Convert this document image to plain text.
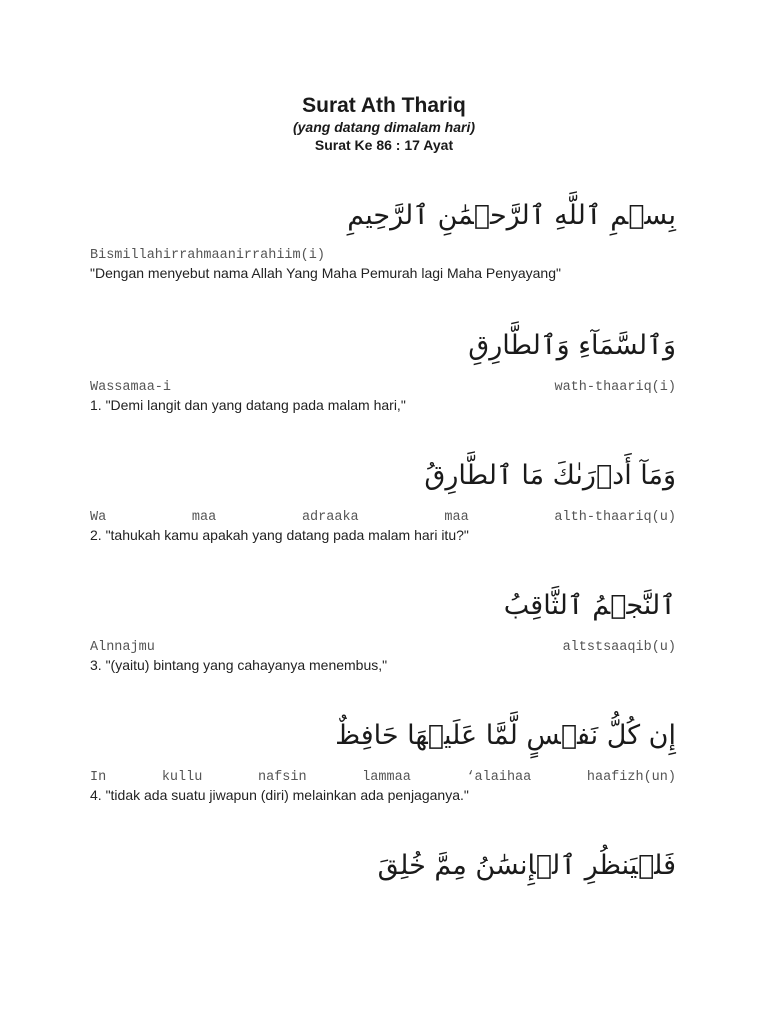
Surat Ath Thariq
(yang datang dimalam hari)
Surat Ke 86 : 17 Ayat
بِسۡمِ ٱللَّهِ ٱلرَّحۡمَٰنِ ٱلرَّحِيمِ
Bismillahirrahmaanirrahiim(i)
"Dengan menyebut nama Allah Yang Maha Pemurah lagi Maha Penyayang"
وَٱلسَّمَآءِ وَٱلطَّارِقِ
Wassamaa-i	wath-thaariq(i)
1. "Demi langit dan yang datang pada malam hari,"
وَمَآ أَدۡرَىٰكَ مَا ٱلطَّارِقُ
Wa	maa	adraaka	maa	alth-thaariq(u)
2. "tahukah kamu apakah yang datang pada malam hari itu?"
ٱلنَّجۡمُ ٱلثَّاقِبُ
Alnnajmu	altstsaaqib(u)
3. "(yaitu) bintang yang cahayanya menembus,"
إِن كُلُّ نَفۡسٍ لَّمَّا عَلَيۡهَا حَافِظٌ
In	kullu	nafsin	lammaa	‘alaihaa	haafizh(un)
4. "tidak ada suatu jiwapun (diri) melainkan ada penjaganya."
فَلۡيَنظُرِ ٱلۡإِنسَٰنُ مِمَّ خُلِقَ
